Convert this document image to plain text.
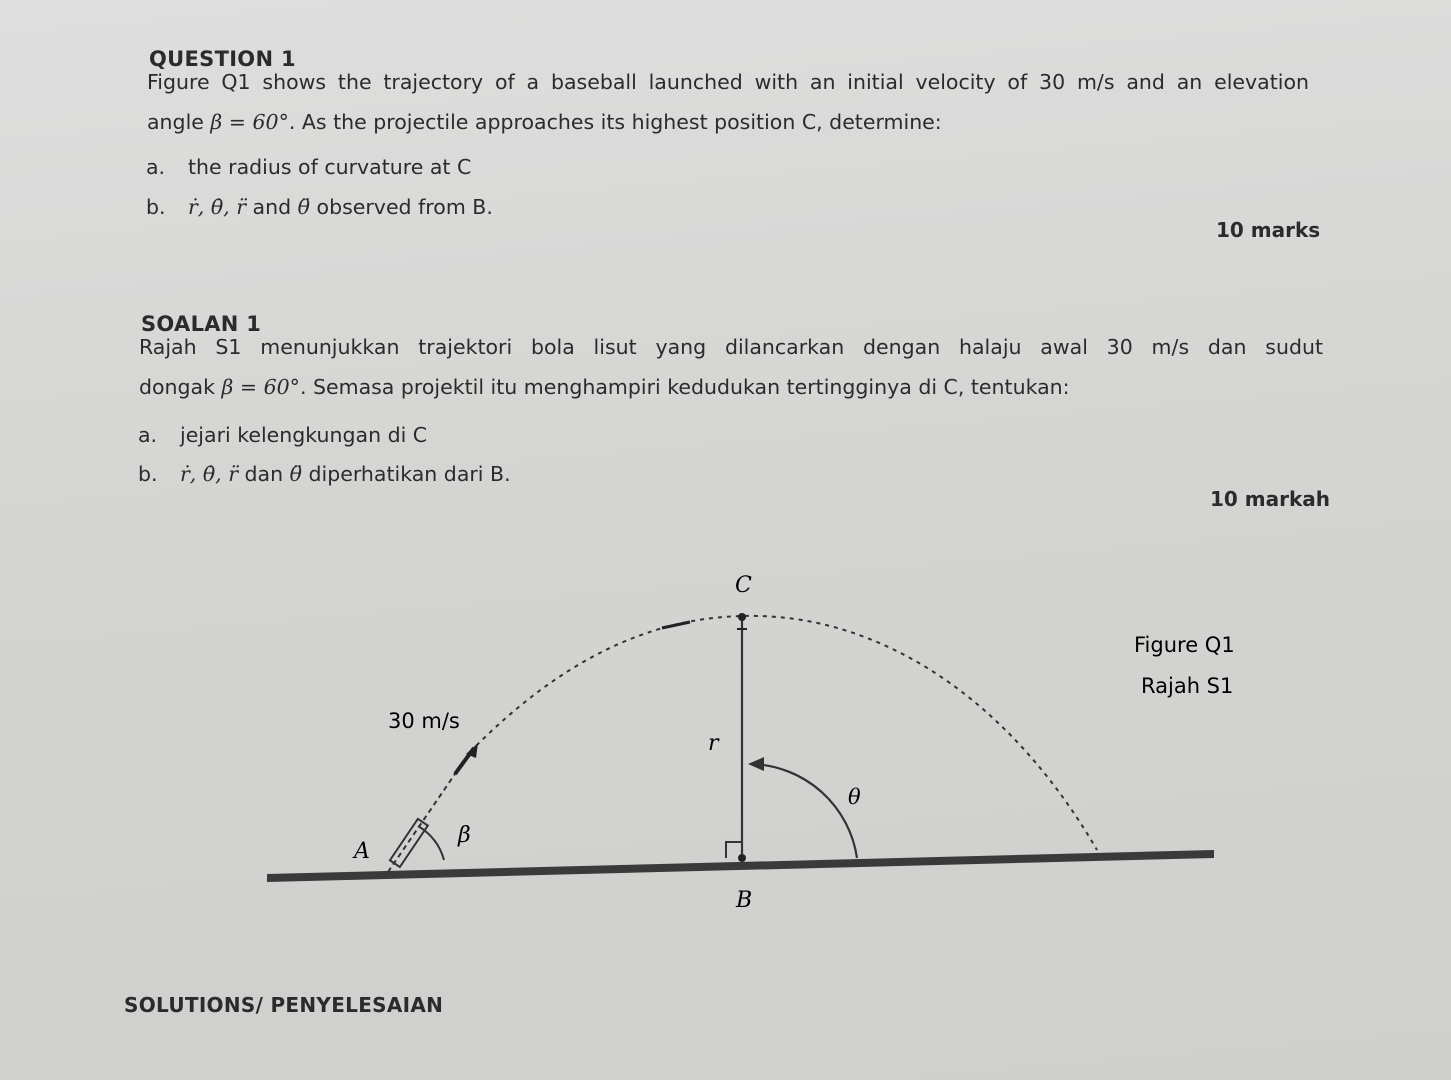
QUESTION 1

Figure Q1 shows the trajectory of a baseball launched with an initial velocity of 30 m/s and an elevation

angle β = 60°. As the projectile approaches its highest position C, determine:

a. the radius of curvature at C
b. ṙ, θ̇, r̈ and θ̈ observed from B.
10 marks
SOALAN 1

Rajah S1 menunjukkan trajektori bola lisut yang dilancarkan dengan halaju awal 30 m/s dan sudut

dongak β = 60°. Semasa projektil itu menghampiri kedudukan tertingginya di C, tentukan:

a. jejari kelengkungan di C
b. ṙ, θ̇, r̈ dan θ̈ diperhatikan dari B.
10 markah
C
B
A
30 m/s
r
β
θ
Figure Q1
Rajah S1
SOLUTIONS/ PENYELESAIAN
